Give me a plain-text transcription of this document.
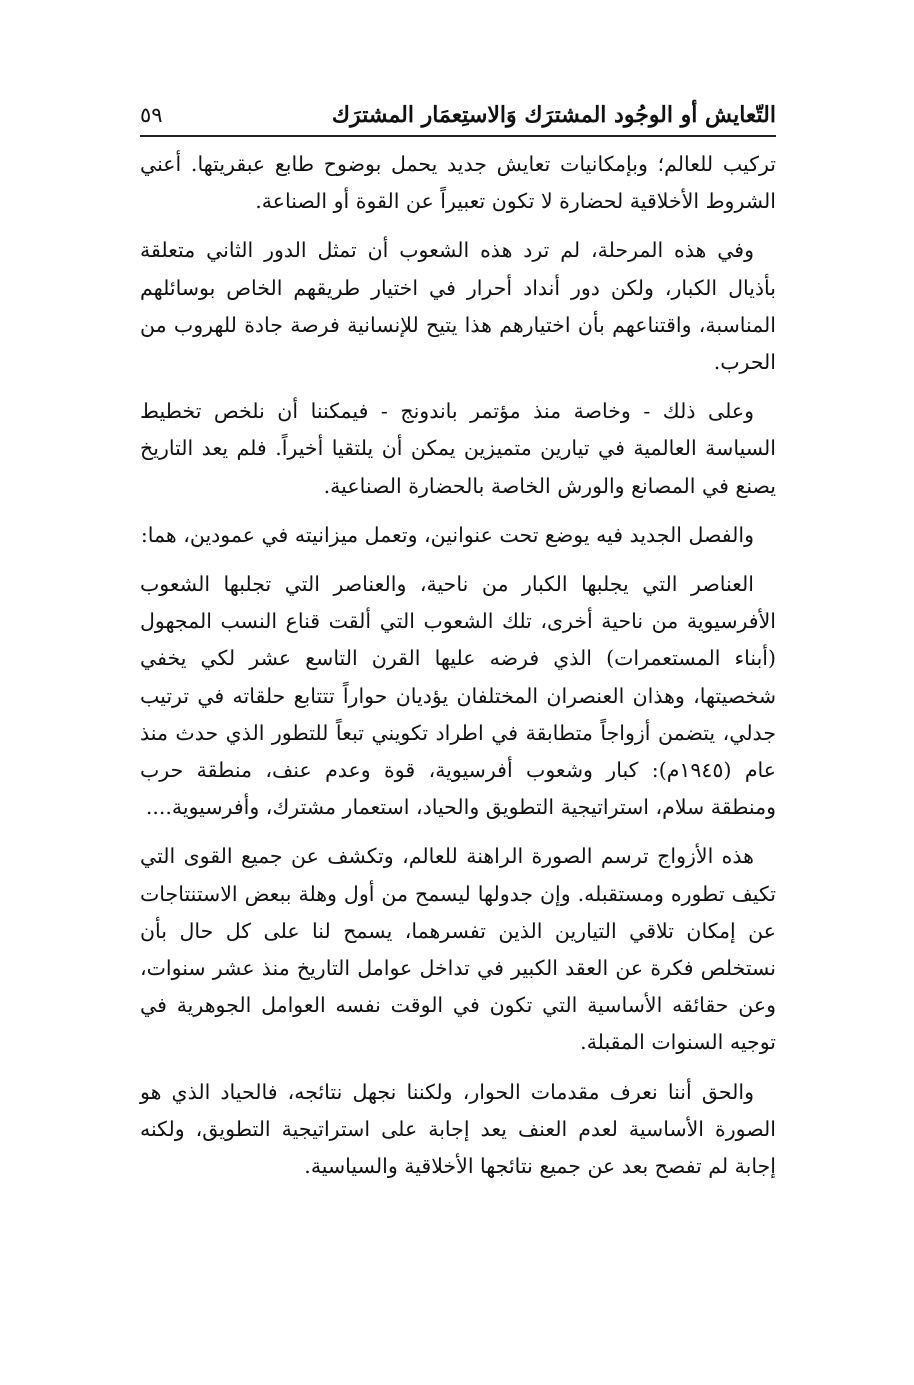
التّعايش أو الوجُود المشترَك وَالاستِعمَار المشترَك
٥٩

تركيب للعالم؛ وبإمكانيات تعايش جديد يحمل بوضوح طابع عبقريتها. أعني الشروط الأخلاقية لحضارة لا تكون تعبيراً عن القوة أو الصناعة.

وفي هذه المرحلة، لم ترد هذه الشعوب أن تمثل الدور الثاني متعلقة بأذيال الكبار، ولكن دور أنداد أحرار في اختيار طريقهم الخاص بوسائلهم المناسبة، واقتناعهم بأن اختيارهم هذا يتيح للإنسانية فرصة جادة للهروب من الحرب.

وعلى ذلك - وخاصة منذ مؤتمر باندونج - فيمكننا أن نلخص تخطيط السياسة العالمية في تيارين متميزين يمكن أن يلتقيا أخيراً. فلم يعد التاريخ يصنع في المصانع والورش الخاصة بالحضارة الصناعية.

والفصل الجديد فيه يوضع تحت عنوانين، وتعمل ميزانيته في عمودين، هما:

العناصر التي يجلبها الكبار من ناحية، والعناصر التي تجلبها الشعوب الأفرسيوية من ناحية أخرى، تلك الشعوب التي ألقت قناع النسب المجهول (أبناء المستعمرات) الذي فرضه عليها القرن التاسع عشر لكي يخفي شخصيتها، وهذان العنصران المختلفان يؤديان حواراً تتتابع حلقاته في ترتيب جدلي، يتضمن أزواجاً متطابقة في اطراد تكويني تبعاً للتطور الذي حدث منذ عام (١٩٤٥م): كبار وشعوب أفرسيوية، قوة وعدم عنف، منطقة حرب ومنطقة سلام، استراتيجية التطويق والحياد، استعمار مشترك، وأفرسيوية....

هذه الأزواج ترسم الصورة الراهنة للعالم، وتكشف عن جميع القوى التي تكيف تطوره ومستقبله. وإن جدولها ليسمح من أول وهلة ببعض الاستنتاجات عن إمكان تلاقي التيارين الذين تفسرهما، يسمح لنا على كل حال بأن نستخلص فكرة عن العقد الكبير في تداخل عوامل التاريخ منذ عشر سنوات، وعن حقائقه الأساسية التي تكون في الوقت نفسه العوامل الجوهرية في توجيه السنوات المقبلة.

والحق أننا نعرف مقدمات الحوار، ولكننا نجهل نتائجه، فالحياد الذي هو الصورة الأساسية لعدم العنف يعد إجابة على استراتيجية التطويق، ولكنه إجابة لم تفصح بعد عن جميع نتائجها الأخلاقية والسياسية.
